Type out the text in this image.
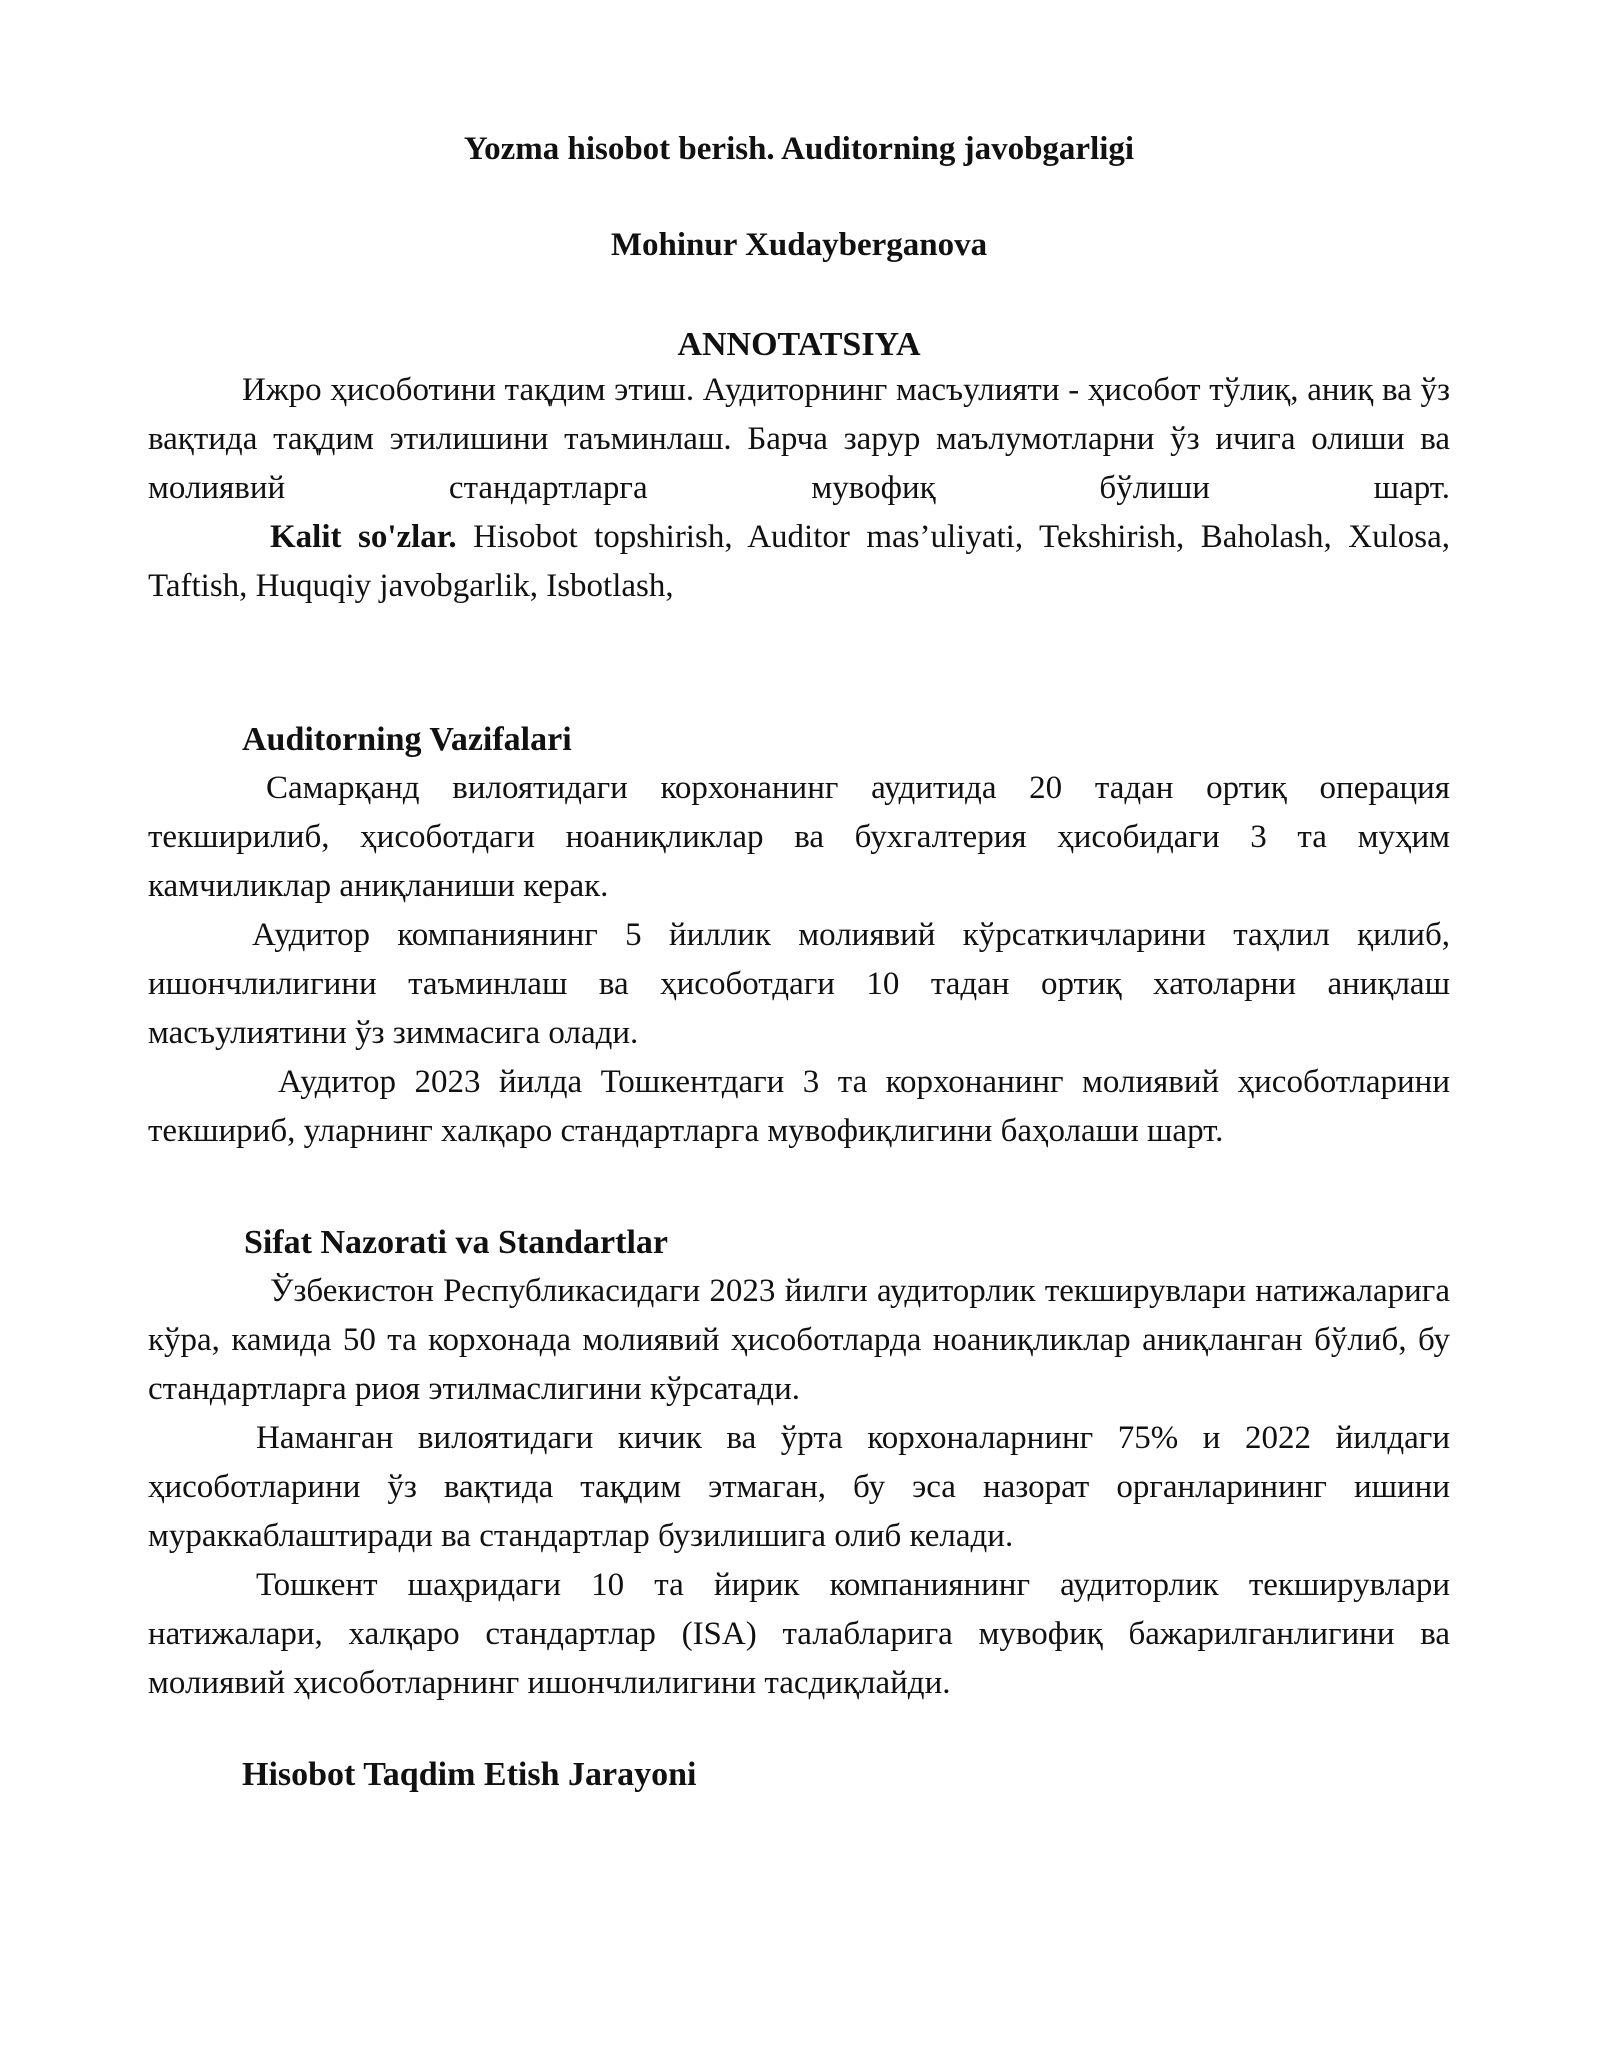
Yozma hisobot berish. Auditorning javobgarligi

Mohinur Xudayberganova

ANNOTATSIYA

Ижро ҳисоботини тақдим этиш. Аудиторнинг масъулияти - ҳисобот тўлиқ, аниқ ва ўз вақтида тақдим этилишини таъминлаш. Барча зарур маълумотларни ўз ичига олиши ва молиявий стандартларга мувофиқ бўлиши шарт.

Kalit so'zlar. Hisobot topshirish, Auditor mas’uliyati, Tekshirish, Baholash, Xulosa, Taftish, Huquqiy javobgarlik, Isbotlash,

Auditorning Vazifalari

Самарқанд вилоятидаги корхонанинг аудитида 20 тадан ортиқ операция текширилиб, ҳисоботдаги ноаниқликлар ва бухгалтерия ҳисобидаги 3 та муҳим камчиликлар аниқланиши керак.

Аудитор компаниянинг 5 йиллик молиявий кўрсаткичларини таҳлил қилиб, ишончлилигини таъминлаш ва ҳисоботдаги 10 тадан ортиқ хатоларни аниқлаш масъулиятини ўз зиммасига олади.

Аудитор 2023 йилда Тошкентдаги 3 та корхонанинг молиявий ҳисоботларини текшириб, уларнинг халқаро стандартларга мувофиқлигини баҳолаши шарт.

Sifat Nazorati va Standartlar

Ўзбекистон Республикасидаги 2023 йилги аудиторлик текширувлари натижаларига кўра, камида 50 та корхонада молиявий ҳисоботларда ноаниқликлар аниқланган бўлиб, бу стандартларга риоя этилмаслигини кўрсатади.

Наманган вилоятидаги кичик ва ўрта корхоналарнинг 75% и 2022 йилдаги ҳисоботларини ўз вақтида тақдим этмаган, бу эса назорат органларининг ишини мураккаблаштиради ва стандартлар бузилишига олиб келади.

Тошкент шаҳридаги 10 та йирик компаниянинг аудиторлик текширувлари натижалари, халқаро стандартлар (ISA) талабларига мувофиқ бажарилганлигини ва молиявий ҳисоботларнинг ишончлилигини тасдиқлайди.

Hisobot Taqdim Etish Jarayoni
